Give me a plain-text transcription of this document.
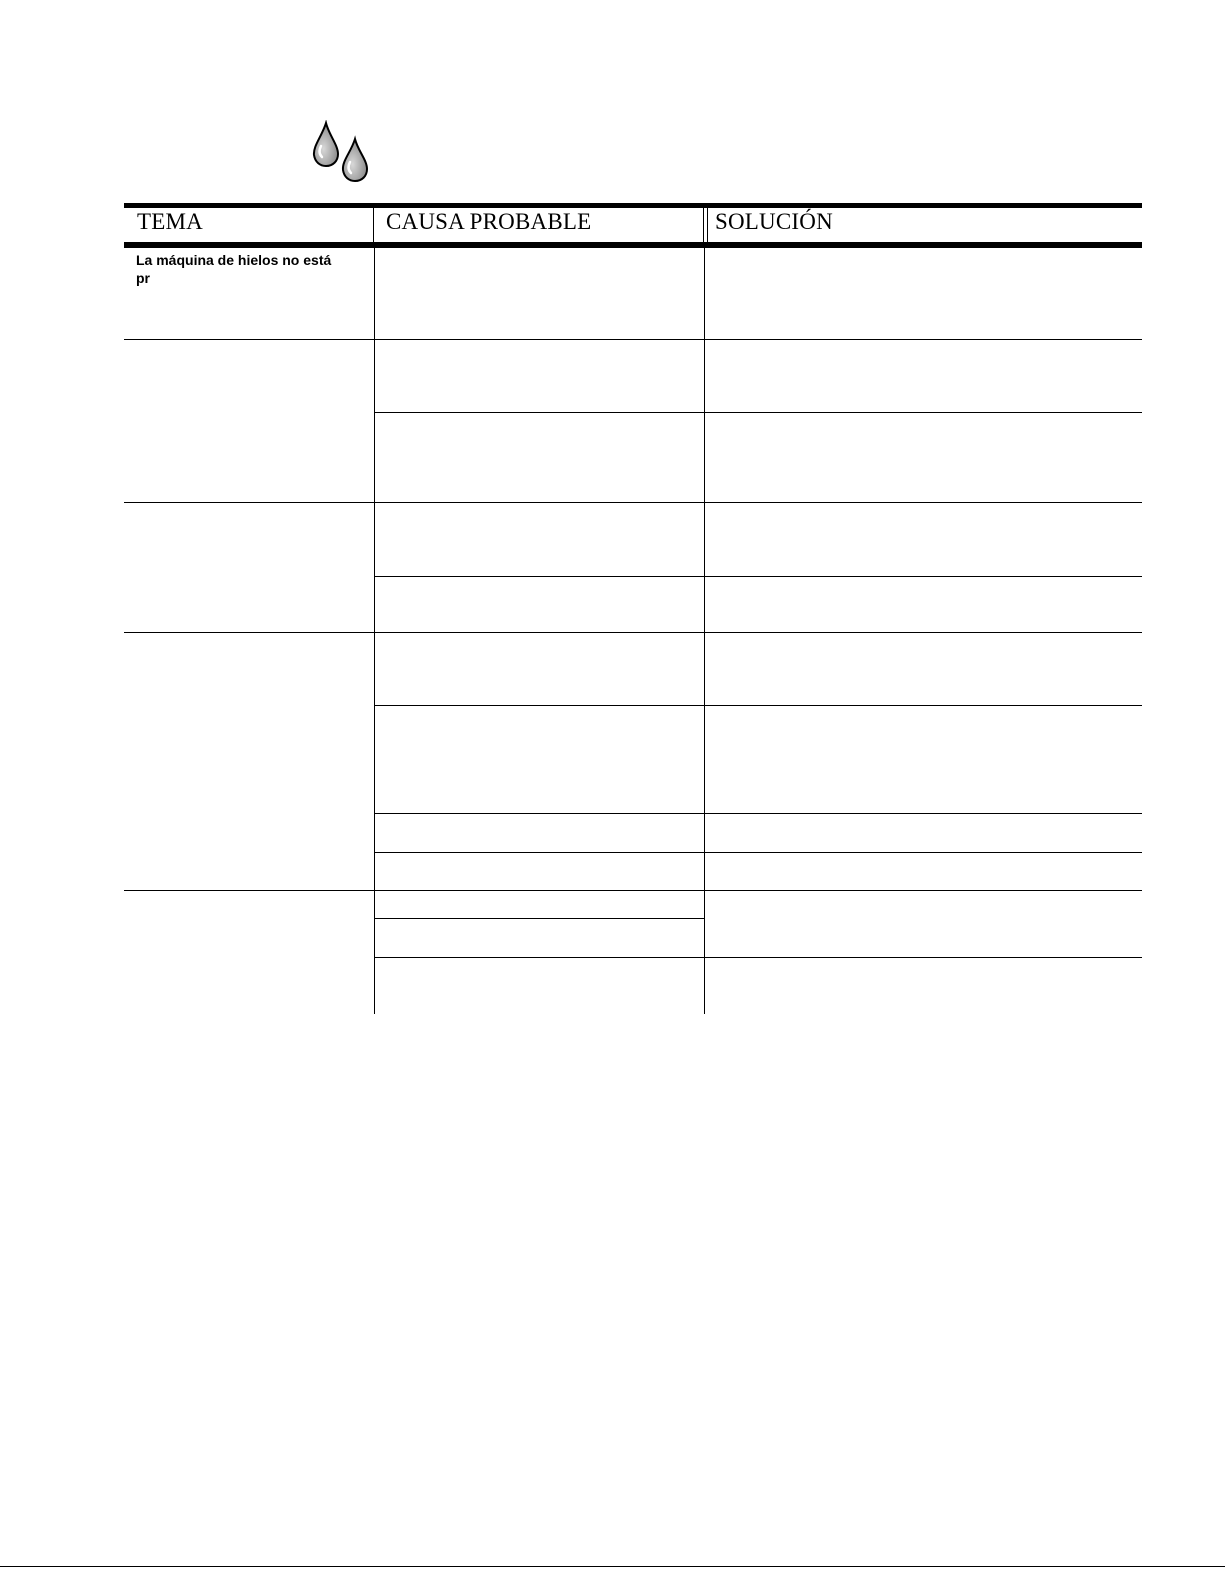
TEMA	CAUSA PROBABLE	SOLUCIÓN
La máquina de hielos no está
pr
